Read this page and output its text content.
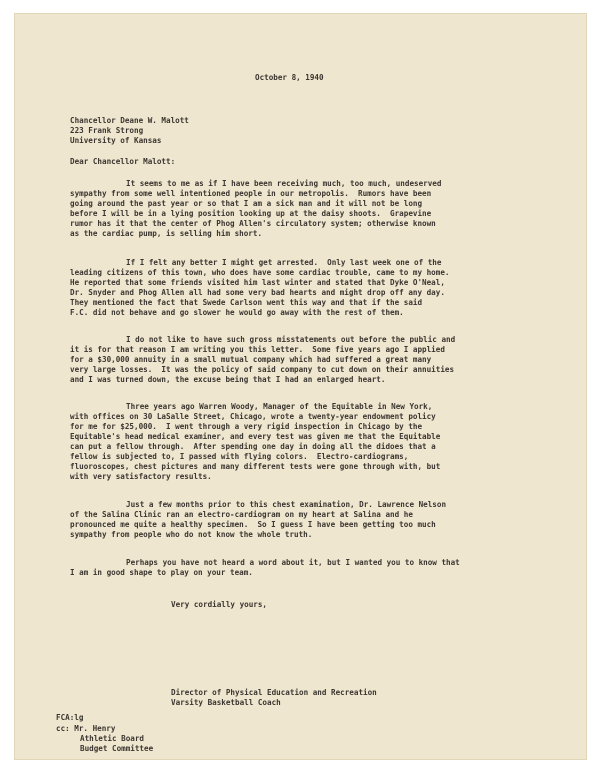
October 8, 1940
Chancellor Deane W. Malott
223 Frank Strong
University of Kansas
Dear Chancellor Malott:
It seems to me as if I have been receiving much, too much, undeserved
sympathy from some well intentioned people in our metropolis.  Rumors have been
going around the past year or so that I am a sick man and it will not be long
before I will be in a lying position looking up at the daisy shoots.  Grapevine
rumor has it that the center of Phog Allen's circulatory system; otherwise known
as the cardiac pump, is selling him short.
If I felt any better I might get arrested.  Only last week one of the
leading citizens of this town, who does have some cardiac trouble, came to my home.
He reported that some friends visited him last winter and stated that Dyke O'Neal,
Dr. Snyder and Phog Allen all had some very bad hearts and might drop off any day.
They mentioned the fact that Swede Carlson went this way and that if the said
F.C. did not behave and go slower he would go away with the rest of them.
I do not like to have such gross misstatements out before the public and
it is for that reason I am writing you this letter.  Some five years ago I applied
for a $30,000 annuity in a small mutual company which had suffered a great many
very large losses.  It was the policy of said company to cut down on their annuities
and I was turned down, the excuse being that I had an enlarged heart.
Three years ago Warren Woody, Manager of the Equitable in New York,
with offices on 30 LaSalle Street, Chicago, wrote a twenty-year endowment policy
for me for $25,000.  I went through a very rigid inspection in Chicago by the
Equitable's head medical examiner, and every test was given me that the Equitable
can put a fellow through.  After spending one day in doing all the didoes that a
fellow is subjected to, I passed with flying colors.  Electro-cardiograms,
fluoroscopes, chest pictures and many different tests were gone through with, but
with very satisfactory results.
Just a few months prior to this chest examination, Dr. Lawrence Nelson
of the Salina Clinic ran an electro-cardiogram on my heart at Salina and he
pronounced me quite a healthy specimen.  So I guess I have been getting too much
sympathy from people who do not know the whole truth.
Perhaps you have not heard a word about it, but I wanted you to know that
I am in good shape to play on your team.
Very cordially yours,
Director of Physical Education and Recreation
Varsity Basketball Coach
FCA:lg
cc: Mr. Henry
Athletic Board
Budget Committee
